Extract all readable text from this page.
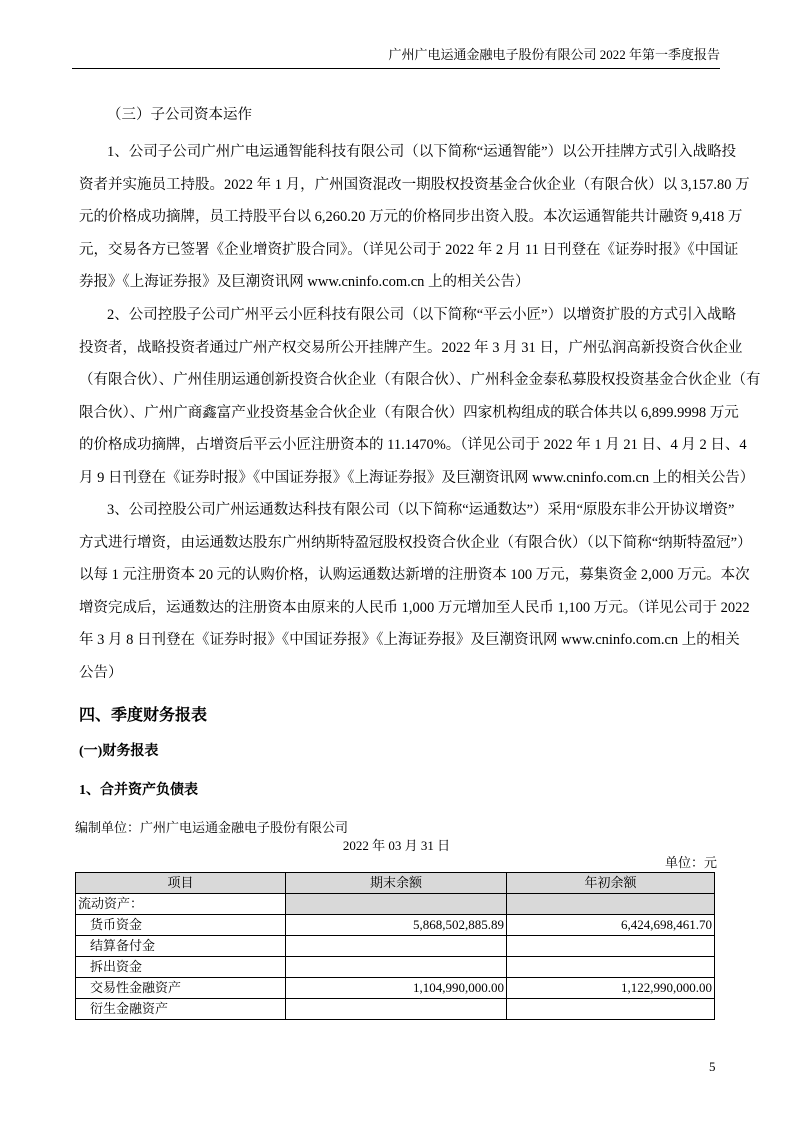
广州广电运通金融电子股份有限公司 2022 年第一季度报告
（三）子公司资本运作
1、公司子公司广州广电运通智能科技有限公司（以下简称“运通智能”）以公开挂牌方式引入战略投
资者并实施员工持股。2022 年 1 月，广州国资混改一期股权投资基金合伙企业（有限合伙）以 3,157.80 万
元的价格成功摘牌，员工持股平台以 6,260.20 万元的价格同步出资入股。本次运通智能共计融资 9,418 万
元，交易各方已签署《企业增资扩股合同》。（详见公司于 2022 年 2 月 11 日刊登在《证券时报》《中国证
券报》《上海证券报》及巨潮资讯网 www.cninfo.com.cn 上的相关公告）
2、公司控股子公司广州平云小匠科技有限公司（以下简称“平云小匠”）以增资扩股的方式引入战略
投资者，战略投资者通过广州产权交易所公开挂牌产生。2022 年 3 月 31 日，广州弘润高新投资合伙企业
（有限合伙）、广州佳朋运通创新投资合伙企业（有限合伙）、广州科金金泰私募股权投资基金合伙企业（有
限合伙）、广州广商鑫富产业投资基金合伙企业（有限合伙）四家机构组成的联合体共以 6,899.9998 万元
的价格成功摘牌，占增资后平云小匠注册资本的 11.1470%。（详见公司于 2022 年 1 月 21 日、4 月 2 日、4
月 9 日刊登在《证券时报》《中国证券报》《上海证券报》及巨潮资讯网 www.cninfo.com.cn 上的相关公告）
3、公司控股公司广州运通数达科技有限公司（以下简称“运通数达”）采用“原股东非公开协议增资”
方式进行增资，由运通数达股东广州纳斯特盈冠股权投资合伙企业（有限合伙）（以下简称“纳斯特盈冠”）
以每 1 元注册资本 20 元的认购价格，认购运通数达新增的注册资本 100 万元，募集资金 2,000 万元。本次
增资完成后，运通数达的注册资本由原来的人民币 1,000 万元增加至人民币 1,100 万元。（详见公司于 2022
年 3 月 8 日刊登在《证券时报》《中国证券报》《上海证券报》及巨潮资讯网 www.cninfo.com.cn 上的相关
公告）
四、季度财务报表
(一)财务报表
1、合并资产负债表
编制单位：广州广电运通金融电子股份有限公司
2022 年 03 月 31 日
单位：元
项目	期末余额	年初余额
流动资产：		
货币资金	5,868,502,885.89	6,424,698,461.70
结算备付金		
拆出资金		
交易性金融资产	1,104,990,000.00	1,122,990,000.00
衍生金融资产		
5
